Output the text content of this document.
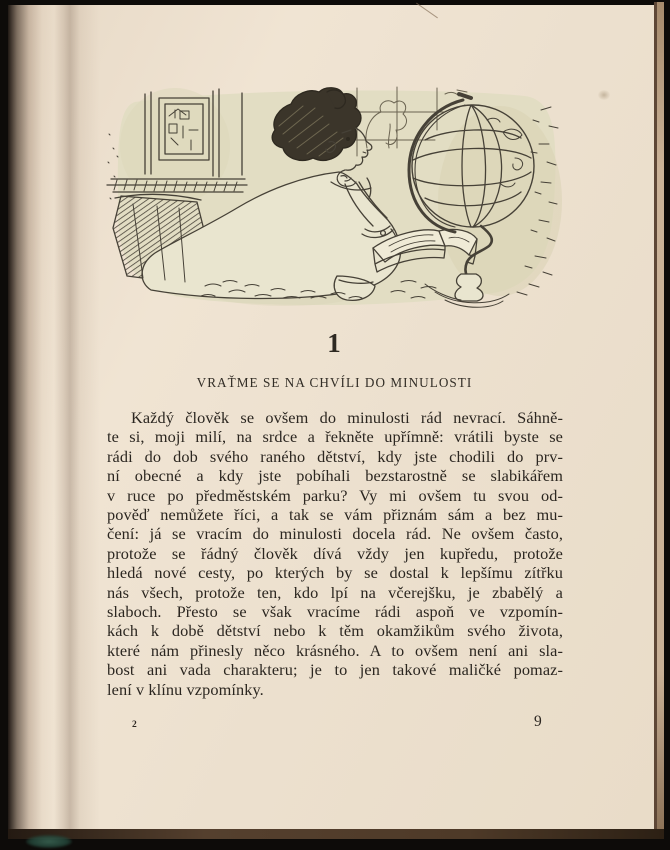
1
VRAŤME SE NA CHVÍLI DO MINULOSTI
Každý člověk se ovšem do minulosti rád nevrací. Sáhně-
te si, moji milí, na srdce a řekněte upřímně: vrátili byste se
rádi do dob svého raného dětství, kdy jste chodili do prv-
ní obecné a kdy jste pobíhali bezstarostně se slabikářem
v ruce po předměstském parku? Vy mi ovšem tu svou od-
pověď nemůžete říci, a tak se vám přiznám sám a bez mu-
čení: já se vracím do minulosti docela rád. Ne ovšem často,
protože se řádný člověk dívá vždy jen kupředu, protože
hledá nové cesty, po kterých by se dostal k lepšímu zítřku
nás všech, protože ten, kdo lpí na včerejšku, je zbabělý a
slaboch. Přesto se však vracíme rádi aspoň ve vzpomín-
kách k době dětství nebo k těm okamžikům svého života,
které nám přinesly něco krásného. A to ovšem není ani sla-
bost ani vada charakteru; je to jen takové maličké pomaz-
lení v klínu vzpomínky.
2	9
